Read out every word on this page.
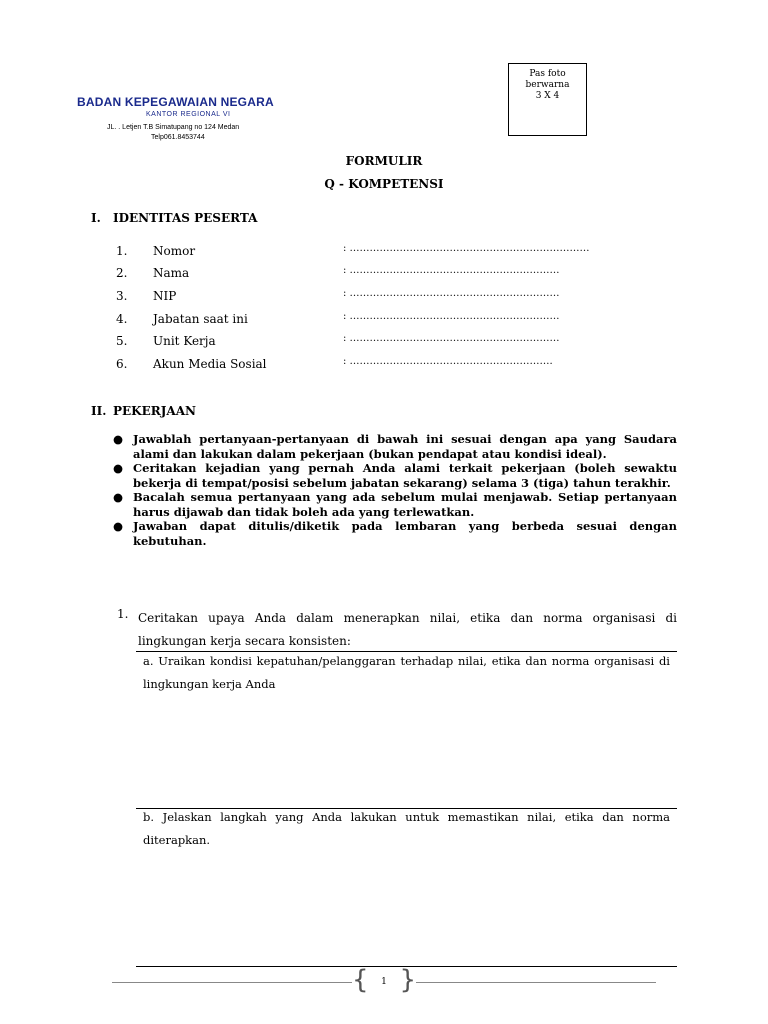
BADAN KEPEGAWAIAN NEGARA
KANTOR REGIONAL VI
JL. . Letjen T.B Simatupang no 124 Medan
Telp061.8453744
Pas foto
berwarna
3 X 4
FORMULIR
Q - KOMPETENSI
I. IDENTITAS PESERTA
1.	Nomor	: ………………………………………………………………
2.	Nama	: ………………………………………………………
3.	NIP	: ………………………………………………………
4.	Jabatan saat ini	: ………………………………………………………
5.	Unit Kerja	: ………………………………………………………
6.	Akun Media Sosial	: …………………………………………………….
II. PEKERJAAN
● Jawablah pertanyaan-pertanyaan di bawah ini sesuai dengan apa yang Saudara alami dan lakukan dalam pekerjaan (bukan pendapat atau kondisi ideal).
● Ceritakan kejadian yang pernah Anda alami terkait pekerjaan (boleh sewaktu bekerja di tempat/posisi sebelum jabatan sekarang) selama 3 (tiga) tahun terakhir.
● Bacalah semua pertanyaan yang ada sebelum mulai menjawab. Setiap pertanyaan harus dijawab dan tidak boleh ada yang terlewatkan.
● Jawaban dapat ditulis/diketik pada lembaran yang berbeda sesuai dengan kebutuhan.
1. Ceritakan upaya Anda dalam menerapkan nilai, etika dan norma organisasi di lingkungan kerja secara konsisten:
a. Uraikan kondisi kepatuhan/pelanggaran terhadap nilai, etika dan norma organisasi di lingkungan kerja Anda
b. Jelaskan langkah yang Anda lakukan untuk memastikan nilai, etika dan norma diterapkan.
{ 1 }
